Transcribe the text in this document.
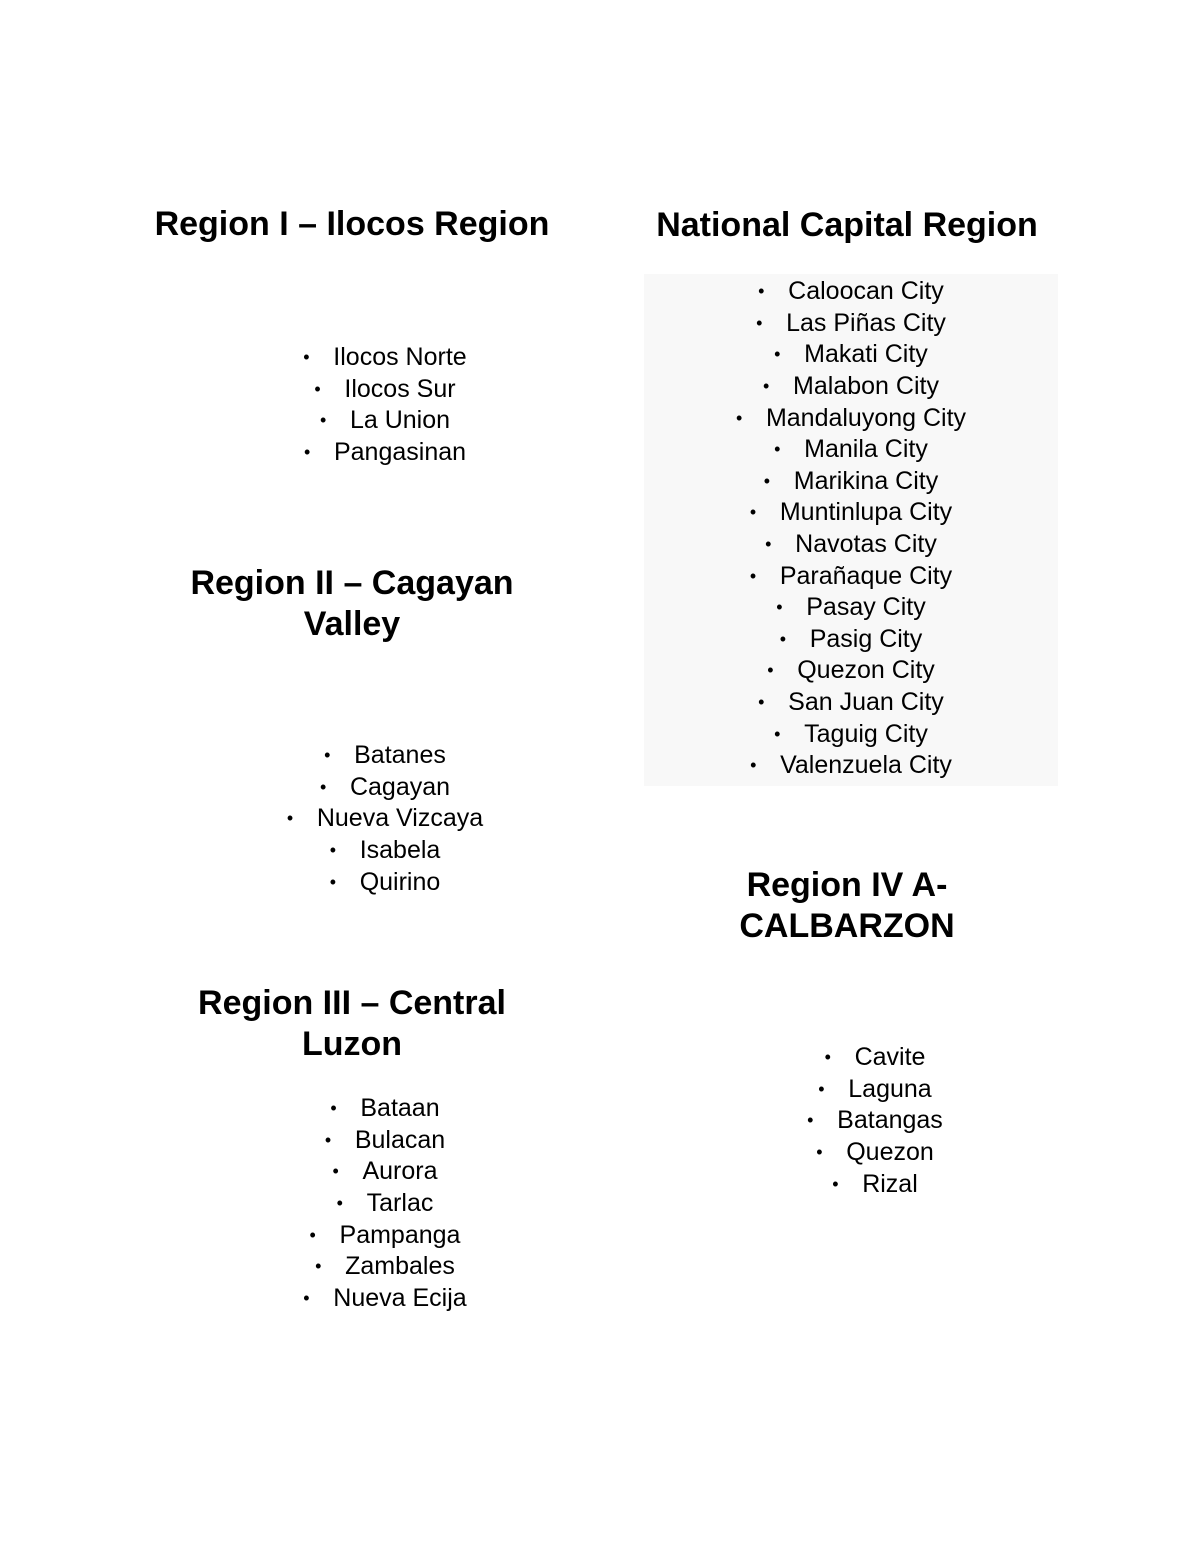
Region I – Ilocos Region
• Ilocos Norte
• Ilocos Sur
• La Union
• Pangasinan
Region II – Cagayan
Valley
• Batanes
• Cagayan
• Nueva Vizcaya
• Isabela
• Quirino
Region III – Central
Luzon
• Bataan
• Bulacan
• Aurora
• Tarlac
• Pampanga
• Zambales
• Nueva Ecija
National Capital Region
• Caloocan City
• Las Piñas City
• Makati City
• Malabon City
• Mandaluyong City
• Manila City
• Marikina City
• Muntinlupa City
• Navotas City
• Parañaque City
• Pasay City
• Pasig City
• Quezon City
• San Juan City
• Taguig City
• Valenzuela City
Region IV A-
CALBARZON
• Cavite
• Laguna
• Batangas
• Quezon
• Rizal
